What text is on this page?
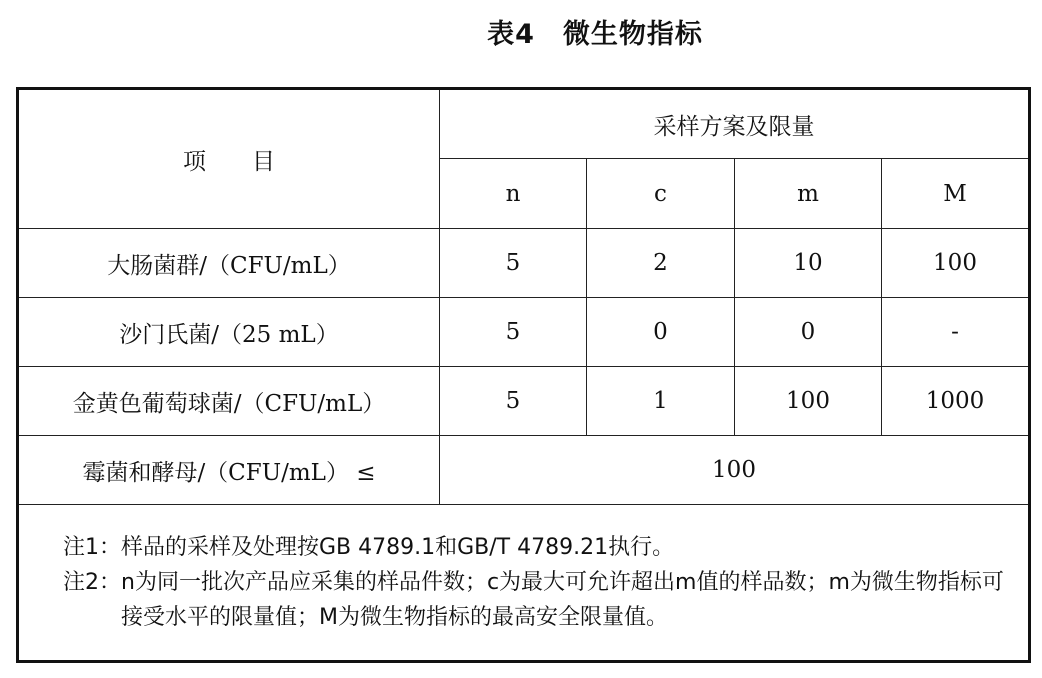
表4 微生物指标
项　　目	采样方案及限量			
	n	c	m	M
大肠菌群/（CFU/mL）	5	2	10	100
沙门氏菌/（25 mL）	5	0	0	-
金黄色葡萄球菌/（CFU/mL）	5	1	100	1000
霉菌和酵母/（CFU/mL） ≤	100			

注1： 样品的采样及处理按GB 4789.1和GB/T 4789.21执行。
注2： n为同一批次产品应采集的样品件数；c为最大可允许超出m值的样品数；m为微生物指标可接受水平的限量值；M为微生物指标的最高安全限量值。				
